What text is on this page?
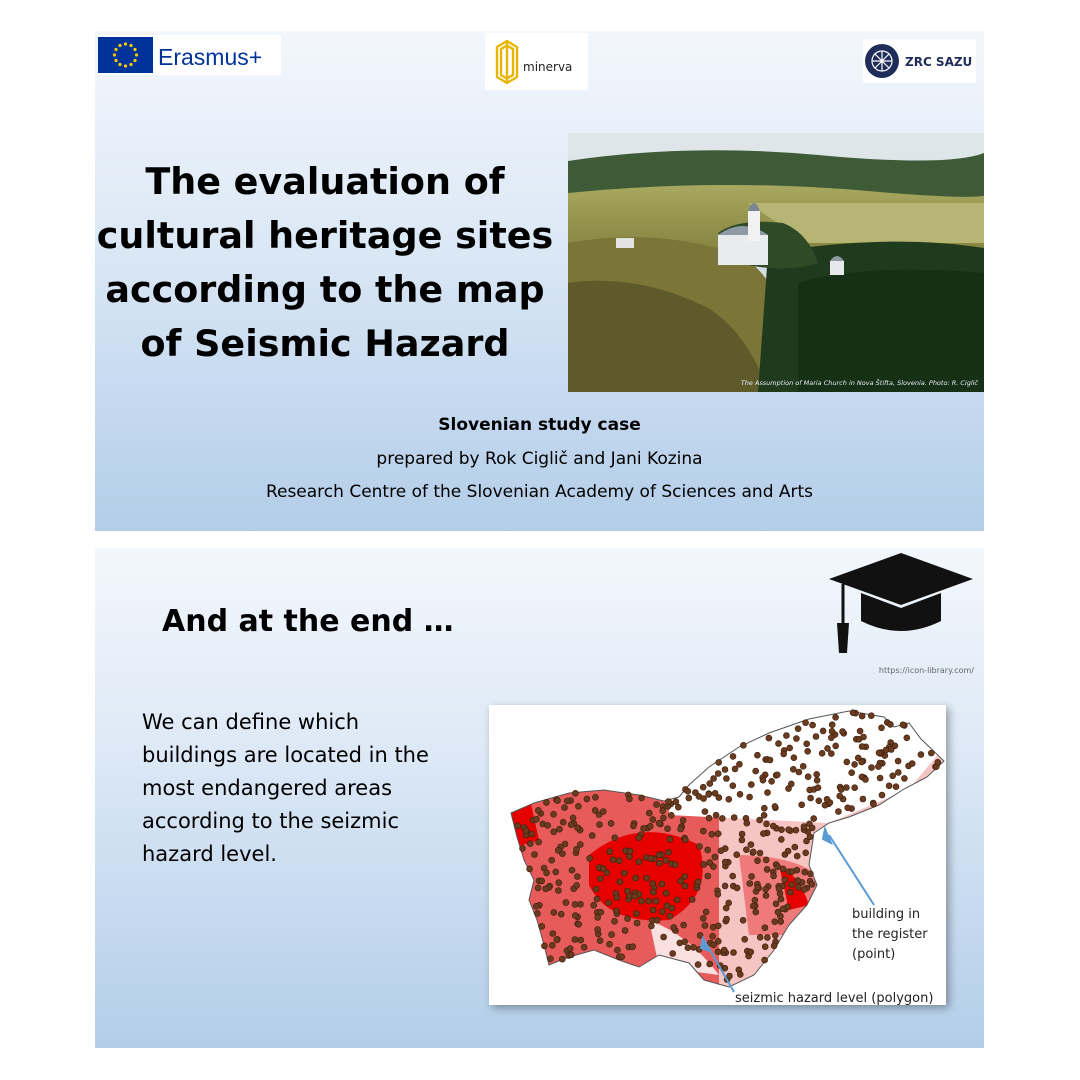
Erasmus+	minerva	ZRC SAZU
The evaluation of
cultural heritage sites
according to the map
of Seismic Hazard
The Assumption of Maria Church in Nova Štifta, Slovenia. Photo: R. Ciglič
Slovenian study case
prepared by Rok Ciglič and Jani Kozina
Research Centre of the Slovenian Academy of Sciences and Arts
And at the end …
https://icon-library.com/
We can define which
buildings are located in the
most endangered areas
according to the seizmic
hazard level.
building in
the register
(point)
seizmic hazard level (polygon)
